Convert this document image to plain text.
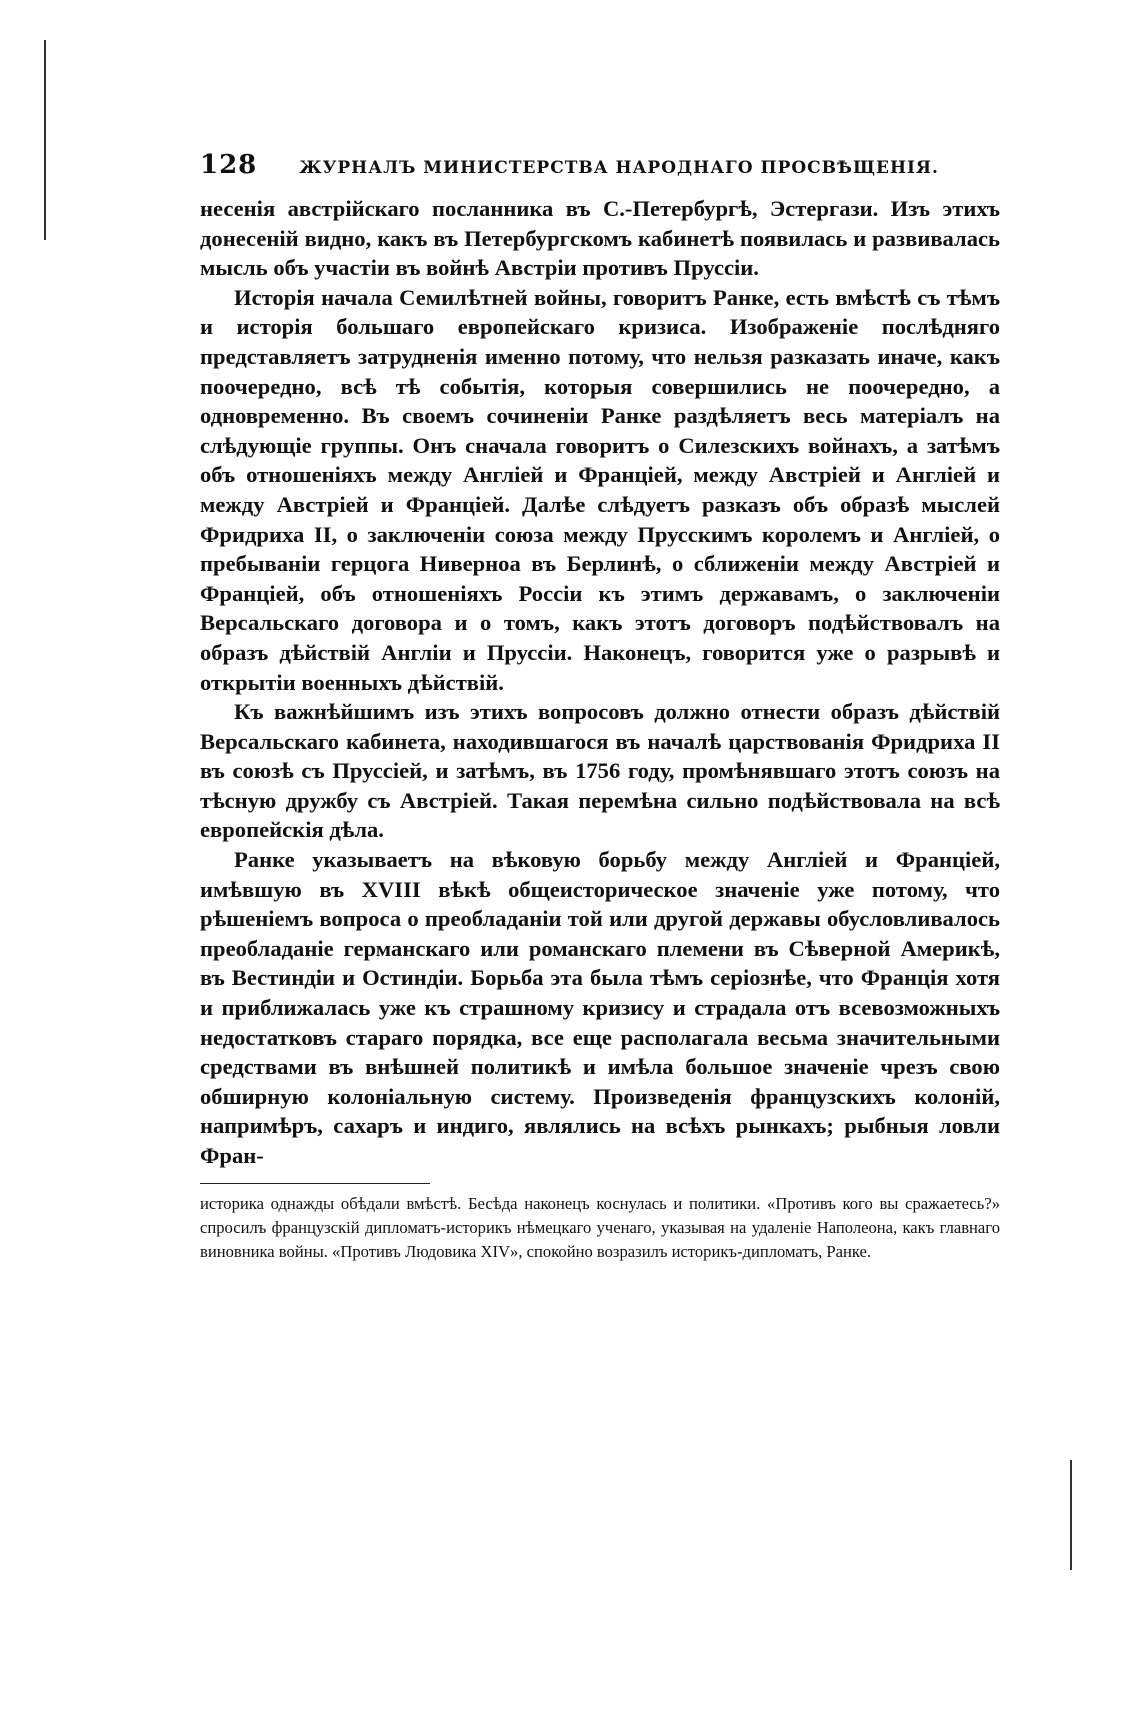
128 ЖУРНАЛЪ МИНИСТЕРСТВА НАРОДНАГО ПРОСВѢЩЕНІЯ.

несенія австрійскаго посланника въ С.-Петербургѣ, Эстергази. Изъ этихъ донесеній видно, какъ въ Петербургскомъ кабинетѣ появилась и развивалась мысль объ участіи въ войнѣ Австріи противъ Пруссіи.

Исторія начала Семилѣтней войны, говоритъ Ранке, есть вмѣстѣ съ тѣмъ и исторія большаго европейскаго кризиса. Изображеніе послѣдняго представляетъ затрудненія именно потому, что нельзя разказать иначе, какъ поочередно, всѣ тѣ событія, которыя совершились не поочередно, а одновременно. Въ своемъ сочиненіи Ранке раздѣляетъ весь матеріалъ на слѣдующіе группы. Онъ сначала говоритъ о Силезскихъ войнахъ, а затѣмъ объ отношеніяхъ между Англіей и Франціей, между Австріей и Англіей и между Австріей и Франціей. Далѣе слѣдуетъ разказъ объ образѣ мыслей Фридриха II, о заключеніи союза между Прусскимъ королемъ и Англіей, о пребываніи герцога Ниверноа въ Берлинѣ, о сближеніи между Австріей и Франціей, объ отношеніяхъ Россіи къ этимъ державамъ, о заключеніи Версальскаго договора и о томъ, какъ этотъ договоръ подѣйствовалъ на образъ дѣйствій Англіи и Пруссіи. Наконецъ, говорится уже о разрывѣ и открытіи военныхъ дѣйствій.

Къ важнѣйшимъ изъ этихъ вопросовъ должно отнести образъ дѣйствій Версальскаго кабинета, находившагося въ началѣ царствованія Фридриха II въ союзѣ съ Пруссіей, и затѣмъ, въ 1756 году, промѣнявшаго этотъ союзъ на тѣсную дружбу съ Австріей. Такая перемѣна сильно подѣйствовала на всѣ европейскія дѣла.

Ранке указываетъ на вѣковую борьбу между Англіей и Франціей, имѣвшую въ XVIII вѣкѣ общеисторическое значеніе уже потому, что рѣшеніемъ вопроса о преобладаніи той или другой державы обусловливалось преобладаніе германскаго или романскаго племени въ Сѣверной Америкѣ, въ Вестиндіи и Остиндіи. Борьба эта была тѣмъ серіознѣе, что Франція хотя и приближалась уже къ страшному кризису и страдала отъ всевозможныхъ недостатковъ стараго порядка, все еще располагала весьма значительными средствами въ внѣшней политикѣ и имѣла большое значеніе чрезъ свою обширную колоніальную систему. Произведенія французскихъ колоній, напримѣръ, сахаръ и индиго, являлись на всѣхъ рынкахъ; рыбныя ловли Фран-

историка однажды обѣдали вмѣстѣ. Бесѣда наконецъ коснулась и политики. «Противъ кого вы сражаетесь?» спросилъ французскій дипломатъ-историкъ нѣмецкаго ученаго, указывая на удаленіе Наполеона, какъ главнаго виновника войны. «Противъ Людовика XIV», спокойно возразилъ историкъ-дипломатъ, Ранке.
